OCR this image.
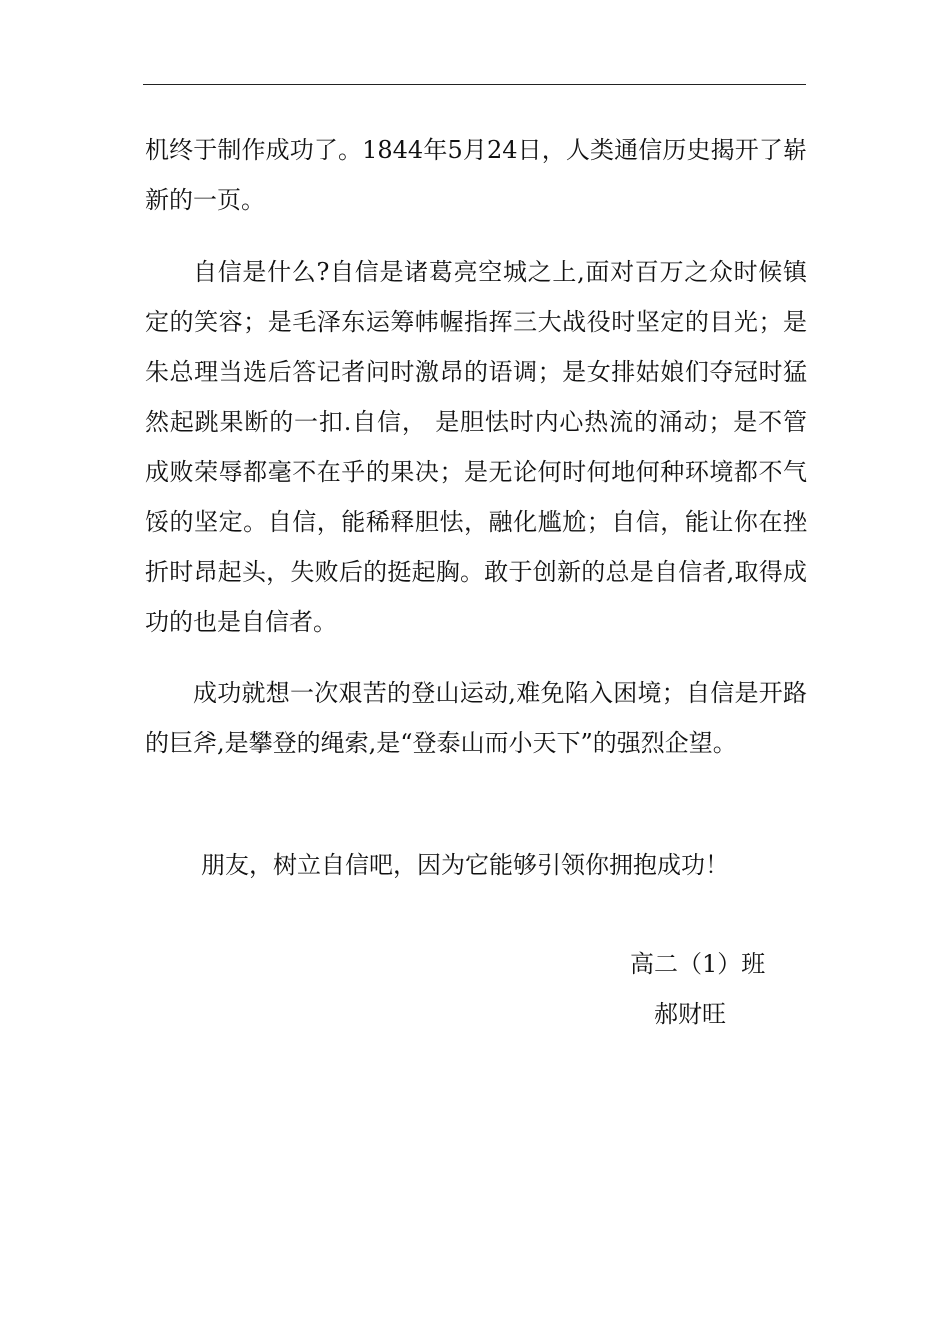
机终于制作成功了。1844年5月24日，人类通信历史揭开了崭新的一页。

自信是什么?自信是诸葛亮空城之上,面对百万之众时候镇定的笑容；是毛泽东运筹帏幄指挥三大战役时坚定的目光；是朱总理当选后答记者问时激昂的语调；是女排姑娘们夺冠时猛然起跳果断的一扣.自信， 是胆怯时内心热流的涌动；是不管成败荣辱都毫不在乎的果决；是无论何时何地何种环境都不气馁的坚定。自信，能稀释胆怯，融化尴尬；自信，能让你在挫折时昂起头，失败后的挺起胸。敢于创新的总是自信者,取得成功的也是自信者。

成功就想一次艰苦的登山运动,难免陷入困境；自信是开路的巨斧,是攀登的绳索,是“登泰山而小天下”的强烈企望。

朋友，树立自信吧，因为它能够引领你拥抱成功！

高二（1）班

郝财旺
